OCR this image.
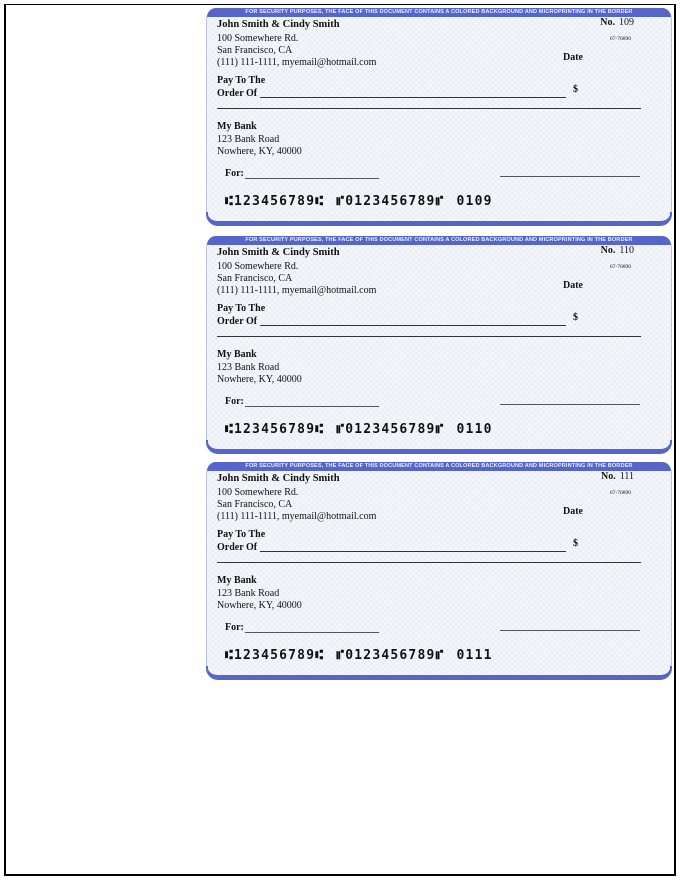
FOR SECURITY PURPOSES, THE FACE OF THIS DOCUMENT CONTAINS A COLORED BACKGROUND AND MICROPRINTING IN THE BORDER
John Smith & Cindy Smith
100 Somewhere Rd.
San Francisco, CA
(111) 111-1111, myemail@hotmail.com
No. 109
67-76890
Date
Pay To The
Order Of	$
My Bank
123 Bank Road
Nowhere, KY, 40000
For:
⑆123456789⑆ ⑈0123456789⑈ 0109
FOR SECURITY PURPOSES, THE FACE OF THIS DOCUMENT CONTAINS A COLORED BACKGROUND AND MICROPRINTING IN THE BORDER
John Smith & Cindy Smith
100 Somewhere Rd.
San Francisco, CA
(111) 111-1111, myemail@hotmail.com
No. 110
67-76890
Date
Pay To The
Order Of	$
My Bank
123 Bank Road
Nowhere, KY, 40000
For:
⑆123456789⑆ ⑈0123456789⑈ 0110
FOR SECURITY PURPOSES, THE FACE OF THIS DOCUMENT CONTAINS A COLORED BACKGROUND AND MICROPRINTING IN THE BORDER
John Smith & Cindy Smith
100 Somewhere Rd.
San Francisco, CA
(111) 111-1111, myemail@hotmail.com
No. 111
67-76890
Date
Pay To The
Order Of	$
My Bank
123 Bank Road
Nowhere, KY, 40000
For:
⑆123456789⑆ ⑈0123456789⑈ 0111
